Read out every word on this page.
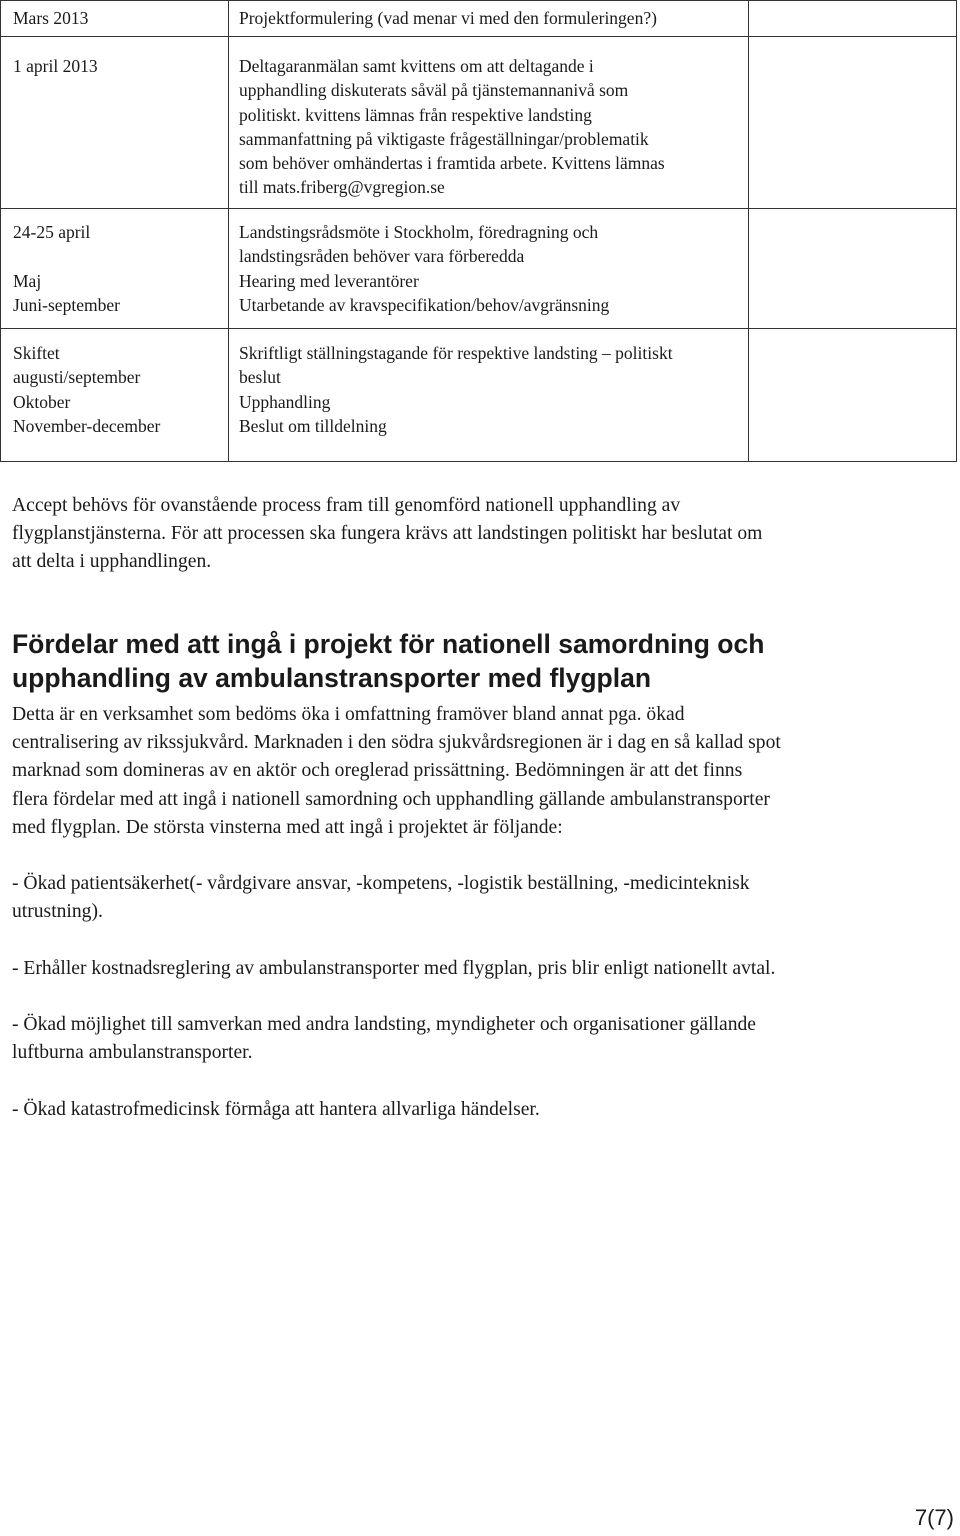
Mars 2013	Projektformulering (vad menar vi med den formuleringen?)
1 april 2013	Deltagaranmälan samt kvittens om att deltagande i
upphandling diskuterats såväl på tjänstemannanivå som
politiskt. kvittens lämnas från respektive landsting
sammanfattning på viktigaste frågeställningar/problematik
som behöver omhändertas i framtida arbete. Kvittens lämnas
till mats.friberg@vgregion.se
24-25 april

Maj
Juni-september
Landstingsrådsmöte i Stockholm, föredragning och
landstingsråden behöver vara förberedda
Hearing med leverantörer
Utarbetande av kravspecifikation/behov/avgränsning
Skiftet
augusti/september
Oktober
November-december
Skriftligt ställningstagande för respektive landsting – politiskt
beslut
Upphandling
Beslut om tilldelning
Accept behövs för ovanstående process fram till genomförd nationell upphandling av
flygplanstjänsterna. För att processen ska fungera krävs att landstingen politiskt har beslutat om
att delta i upphandlingen.
Fördelar med att ingå i projekt för nationell samordning och
upphandling av ambulanstransporter med flygplan
Detta är en verksamhet som bedöms öka i omfattning framöver bland annat pga. ökad
centralisering av rikssjukvård. Marknaden i den södra sjukvårdsregionen är i dag en så kallad spot
marknad som domineras av en aktör och oreglerad prissättning. Bedömningen är att det finns
flera fördelar med att ingå i nationell samordning och upphandling gällande ambulanstransporter
med flygplan. De största vinsterna med att ingå i projektet är följande:
- Ökad patientsäkerhet(- vårdgivare ansvar, -kompetens, -logistik beställning, -medicinteknisk
utrustning).
- Erhåller kostnadsreglering av ambulanstransporter med flygplan, pris blir enligt nationellt avtal.
- Ökad möjlighet till samverkan med andra landsting, myndigheter och organisationer gällande
luftburna ambulanstransporter.
- Ökad katastrofmedicinsk förmåga att hantera allvarliga händelser.
7(7)
